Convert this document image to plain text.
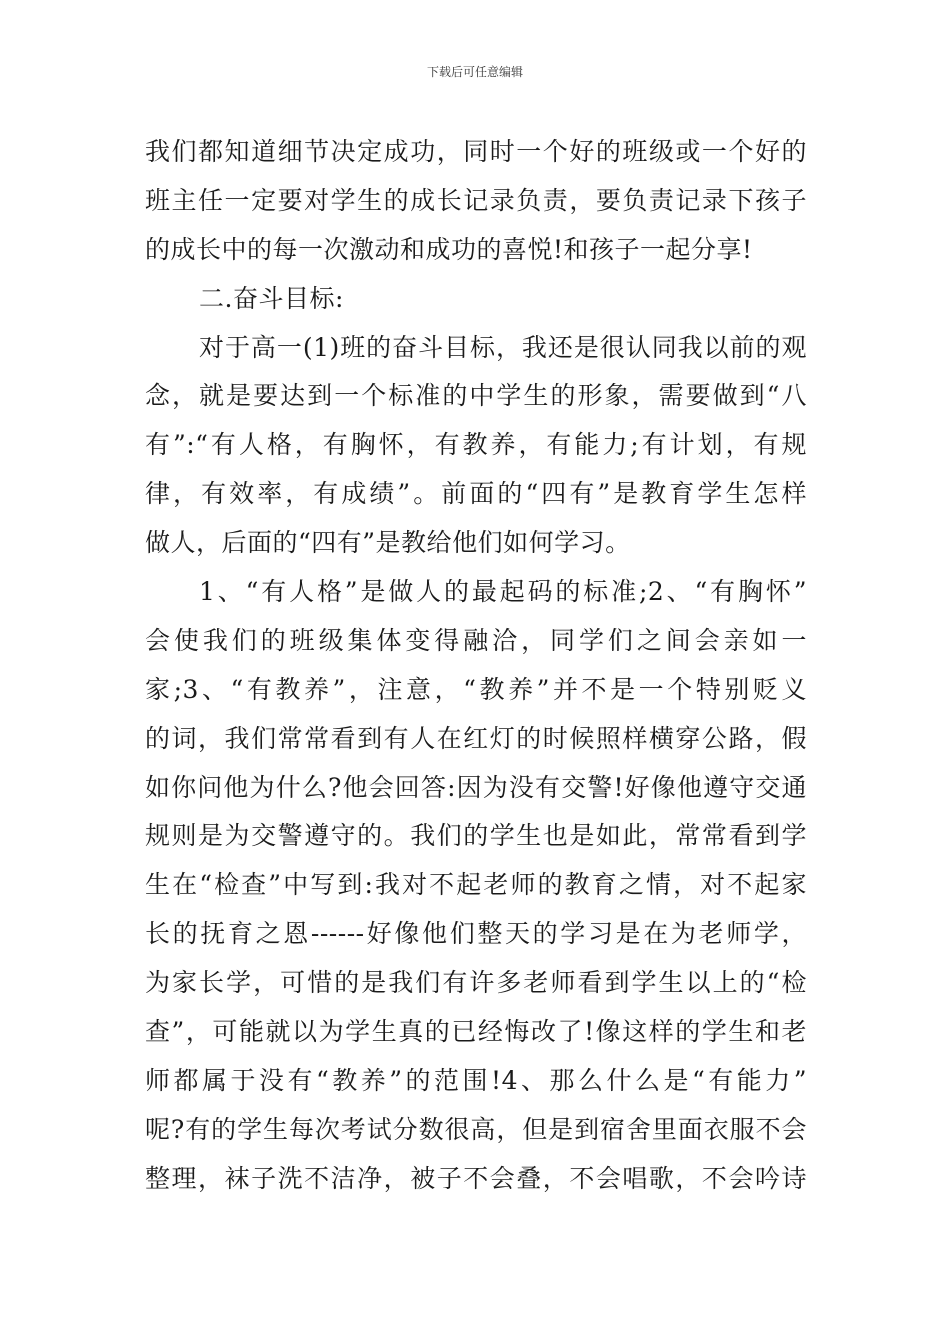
下载后可任意编辑
我们都知道细节决定成功，同时一个好的班级或一个好的
班主任一定要对学生的成长记录负责，要负责记录下孩子
的成长中的每一次激动和成功的喜悦!和孩子一起分享!
二.奋斗目标:
对于高一(1)班的奋斗目标，我还是很认同我以前的观
念，就是要达到一个标准的中学生的形象，需要做到“八
有”:“有人格，有胸怀，有教养，有能力;有计划，有规
律，有效率，有成绩”。前面的“四有”是教育学生怎样
做人，后面的“四有”是教给他们如何学习。
1、“有人格”是做人的最起码的标准;2、“有胸怀”
会使我们的班级集体变得融洽，同学们之间会亲如一
家;3、“有教养”，注意，“教养”并不是一个特别贬义
的词，我们常常看到有人在红灯的时候照样横穿公路，假
如你问他为什么?他会回答:因为没有交警!好像他遵守交通
规则是为交警遵守的。我们的学生也是如此，常常看到学
生在“检查”中写到:我对不起老师的教育之情，对不起家
长的抚育之恩------好像他们整天的学习是在为老师学，
为家长学，可惜的是我们有许多老师看到学生以上的“检
查”，可能就以为学生真的已经悔改了!像这样的学生和老
师都属于没有“教养”的范围!4、那么什么是“有能力”
呢?有的学生每次考试分数很高，但是到宿舍里面衣服不会
整理，袜子洗不洁净，被子不会叠，不会唱歌，不会吟诗
